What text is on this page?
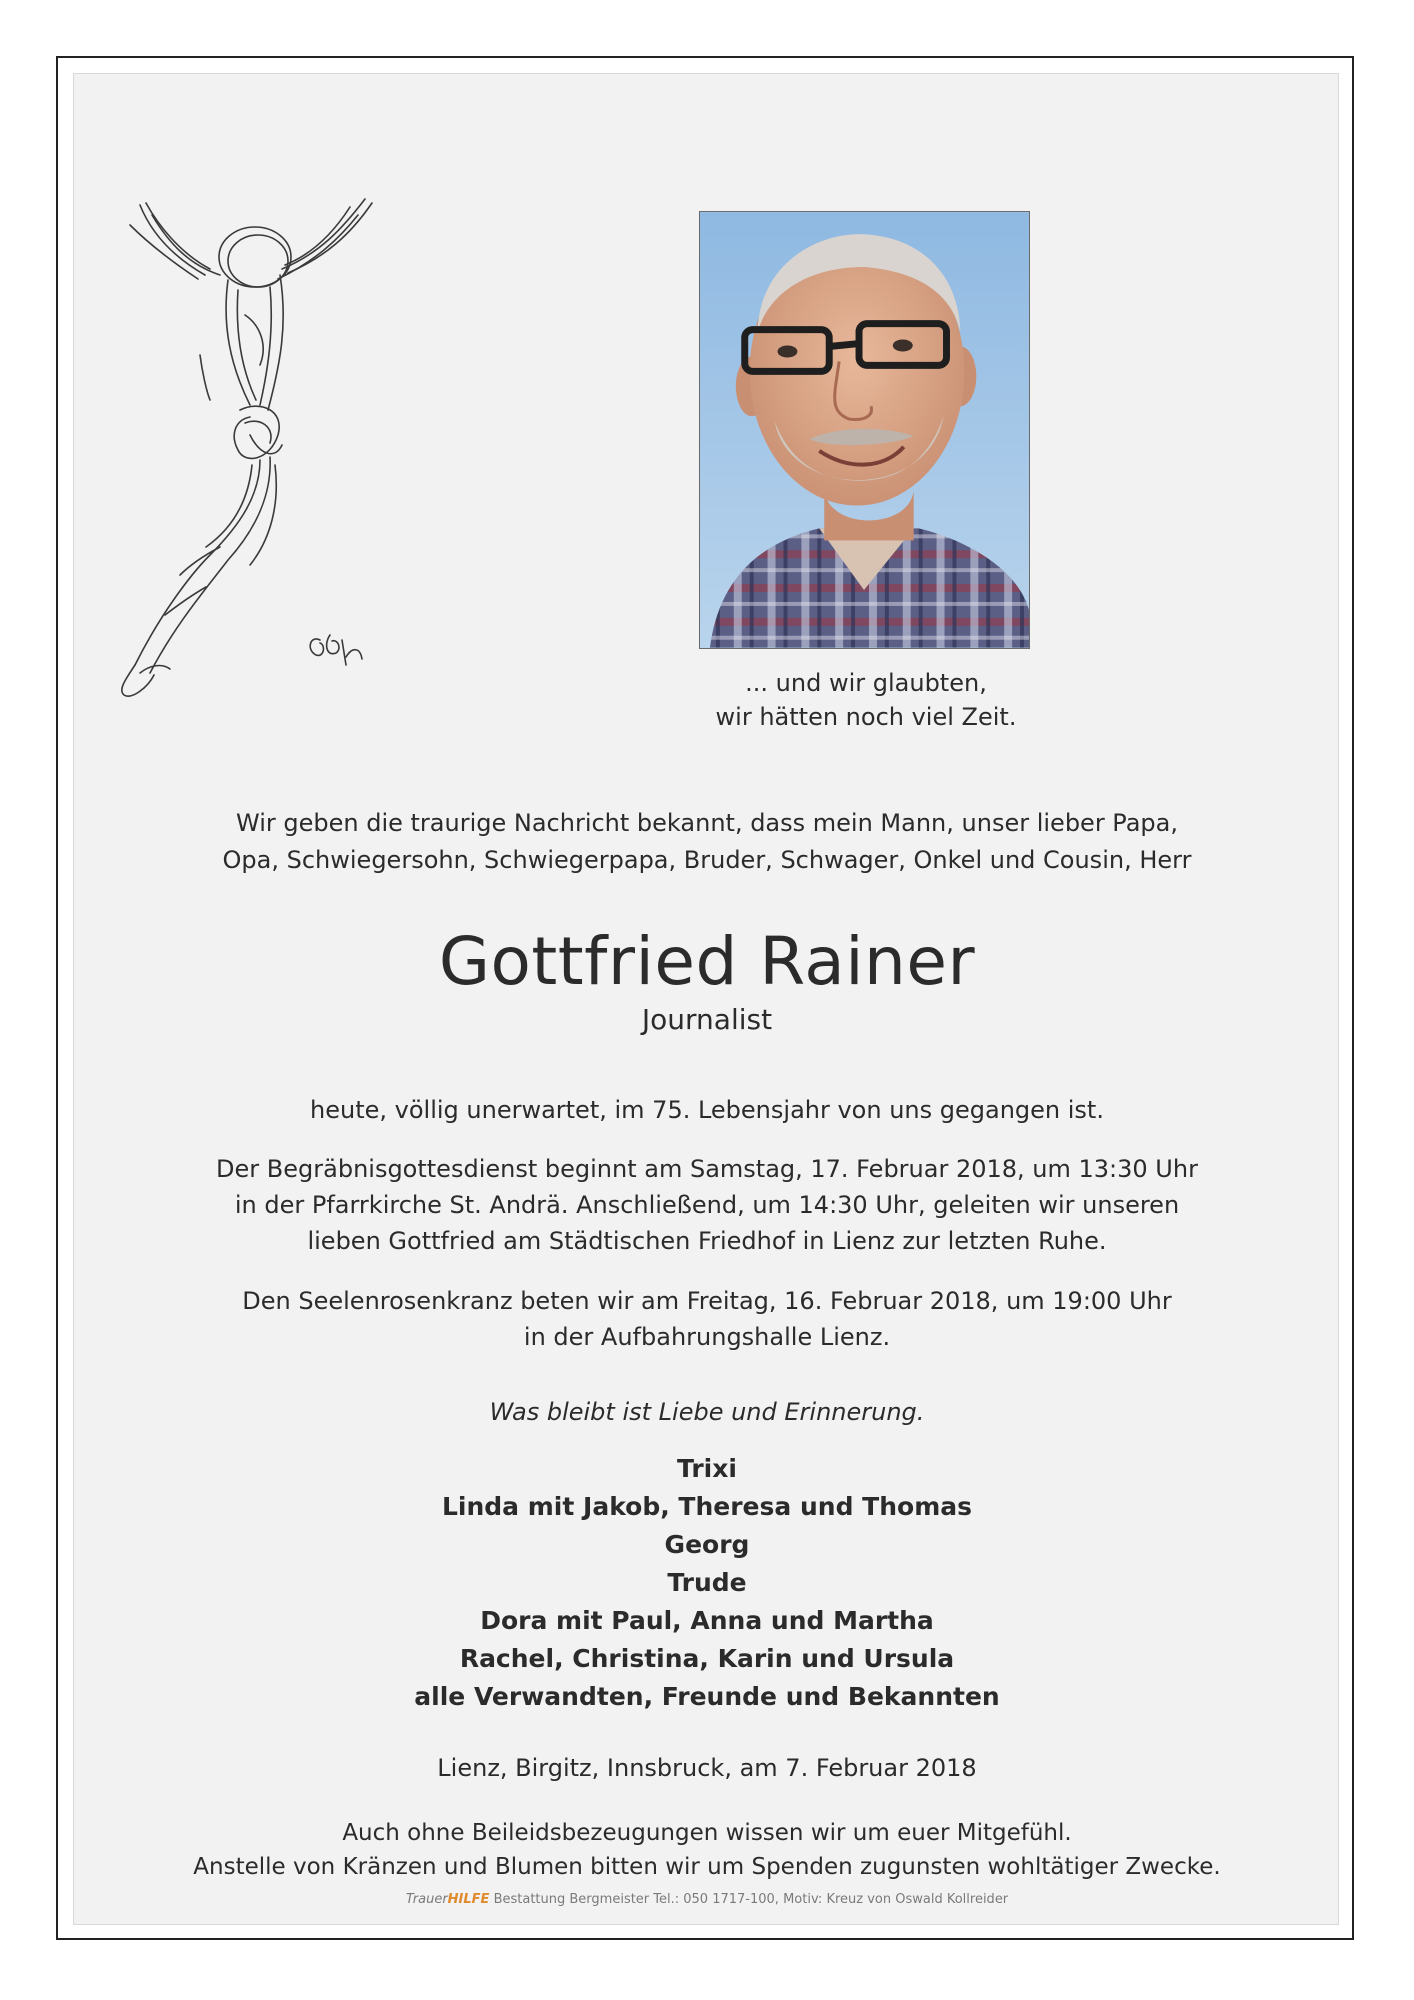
... und wir glaubten,
wir hätten noch viel Zeit.
Wir geben die traurige Nachricht bekannt, dass mein Mann, unser lieber Papa,
Opa, Schwiegersohn, Schwiegerpapa, Bruder, Schwager, Onkel und Cousin, Herr
Gottfried Rainer
Journalist
heute, völlig unerwartet, im 75. Lebensjahr von uns gegangen ist.
Der Begräbnisgottesdienst beginnt am Samstag, 17. Februar 2018, um 13:30 Uhr
in der Pfarrkirche St. Andrä. Anschließend, um 14:30 Uhr, geleiten wir unseren
lieben Gottfried am Städtischen Friedhof in Lienz zur letzten Ruhe.
Den Seelenrosenkranz beten wir am Freitag, 16. Februar 2018, um 19:00 Uhr
in der Aufbahrungshalle Lienz.
Was bleibt ist Liebe und Erinnerung.
Trixi
Linda mit Jakob, Theresa und Thomas
Georg
Trude
Dora mit Paul, Anna und Martha
Rachel, Christina, Karin und Ursula
alle Verwandten, Freunde und Bekannten
Lienz, Birgitz, Innsbruck, am 7. Februar 2018
Auch ohne Beileidsbezeugungen wissen wir um euer Mitgefühl.
Anstelle von Kränzen und Blumen bitten wir um Spenden zugunsten wohltätiger Zwecke.
TrauerHILFE Bestattung Bergmeister Tel.: 050 1717-100, Motiv: Kreuz von Oswald Kollreider
